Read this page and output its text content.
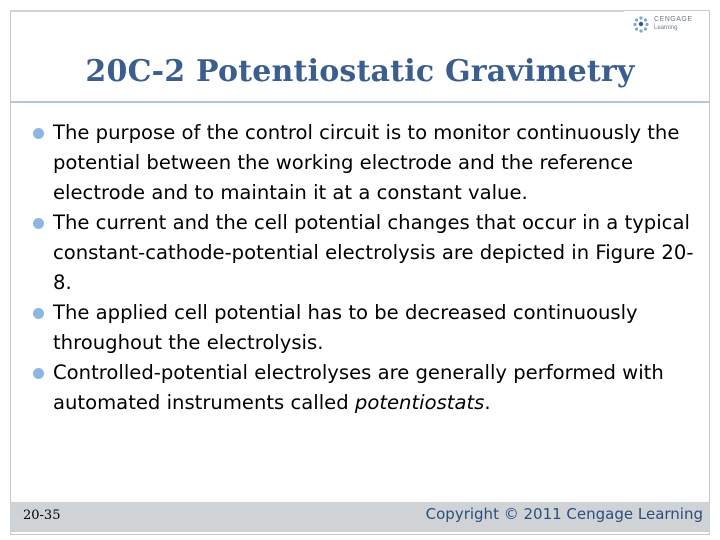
CENGAGE
Learning
20C-2 Potentiostatic Gravimetry

The purpose of the control circuit is to monitor continuously the potential between the working electrode and the reference electrode and to maintain it at a constant value.

The current and the cell potential changes that occur in a typical constant-cathode-potential electrolysis are depicted in Figure 20-8.

The applied cell potential has to be decreased continuously throughout the electrolysis.

Controlled-potential electrolyses are generally performed with automated instruments called potentiostats.

20-35	Copyright © 2011 Cengage Learning
